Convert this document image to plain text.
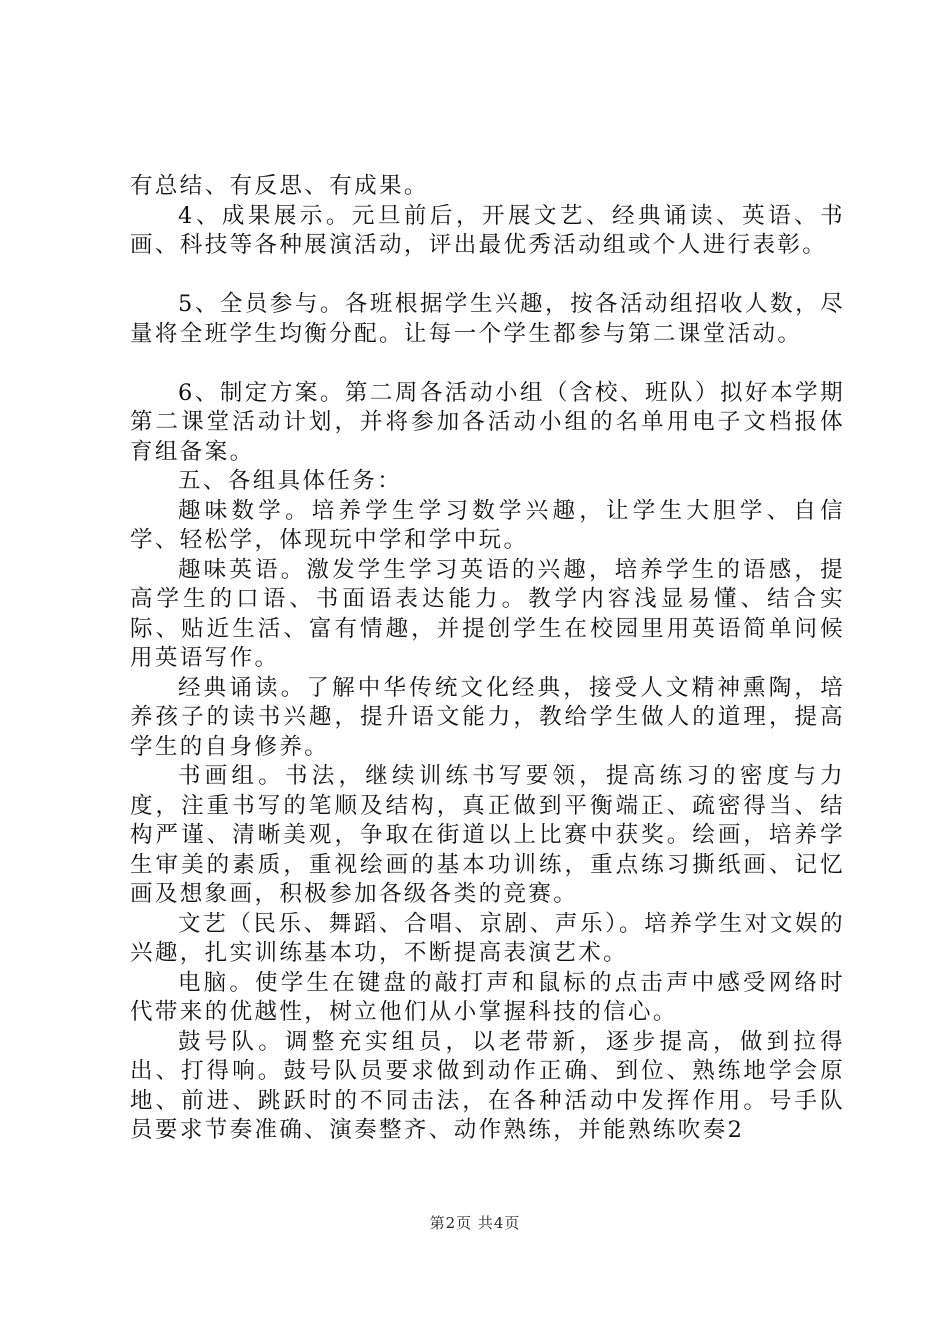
有总结、有反思、有成果。

4、成果展示。元旦前后，开展文艺、经典诵读、英语、书画、科技等各种展演活动，评出最优秀活动组或个人进行表彰。

5、全员参与。各班根据学生兴趣，按各活动组招收人数，尽量将全班学生均衡分配。让每一个学生都参与第二课堂活动。

6、制定方案。第二周各活动小组（含校、班队）拟好本学期第二课堂活动计划，并将参加各活动小组的名单用电子文档报体育组备案。

五、各组具体任务：

趣味数学。培养学生学习数学兴趣，让学生大胆学、自信学、轻松学，体现玩中学和学中玩。

趣味英语。激发学生学习英语的兴趣，培养学生的语感，提高学生的口语、书面语表达能力。教学内容浅显易懂、结合实际、贴近生活、富有情趣，并提创学生在校园里用英语简单问候用英语写作。

经典诵读。了解中华传统文化经典，接受人文精神熏陶，培养孩子的读书兴趣，提升语文能力，教给学生做人的道理，提高学生的自身修养。

书画组。书法，继续训练书写要领，提高练习的密度与力度，注重书写的笔顺及结构，真正做到平衡端正、疏密得当、结构严谨、清晰美观，争取在街道以上比赛中获奖。绘画，培养学生审美的素质，重视绘画的基本功训练，重点练习撕纸画、记忆画及想象画，积极参加各级各类的竞赛。

文艺（民乐、舞蹈、合唱、京剧、声乐）。培养学生对文娱的兴趣，扎实训练基本功，不断提高表演艺术。

电脑。使学生在键盘的敲打声和鼠标的点击声中感受网络时代带来的优越性，树立他们从小掌握科技的信心。

鼓号队。调整充实组员，以老带新，逐步提高，做到拉得出、打得响。鼓号队员要求做到动作正确、到位、熟练地学会原地、前进、跳跃时的不同击法，在各种活动中发挥作用。号手队员要求节奏准确、演奏整齐、动作熟练，并能熟练吹奏2

第2页 共4页
